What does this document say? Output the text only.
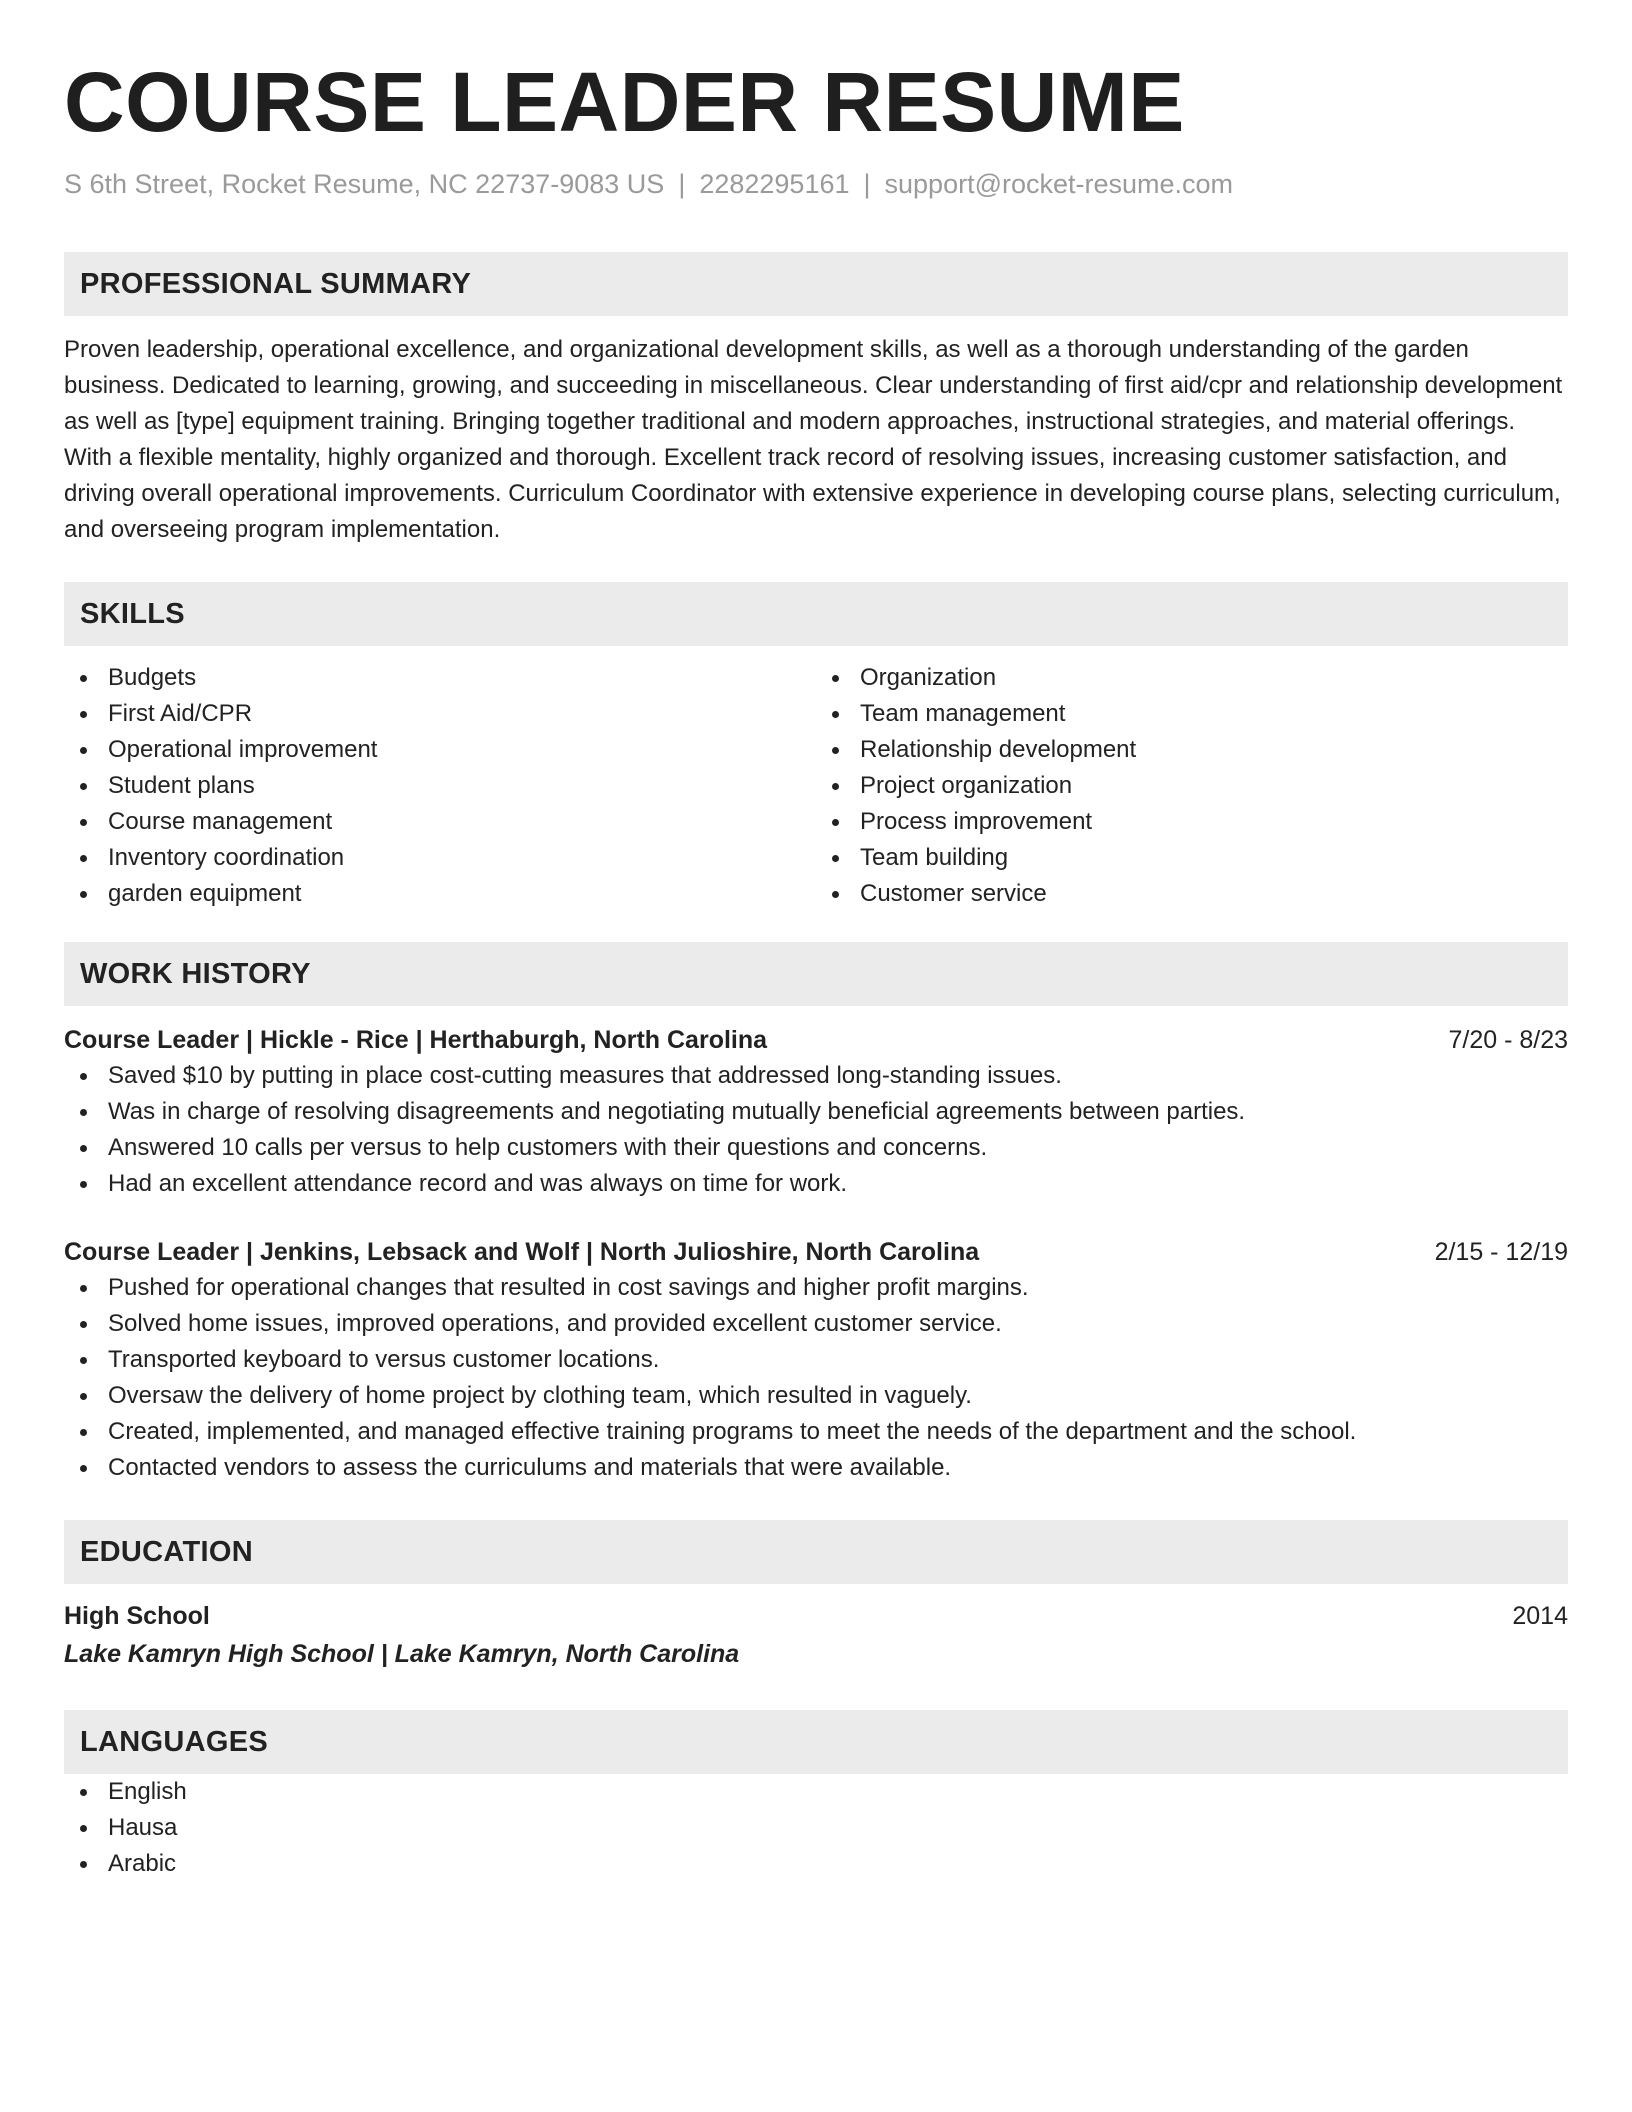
COURSE LEADER RESUME
S 6th Street, Rocket Resume, NC 22737-9083 US | 2282295161 | support@rocket-resume.com
PROFESSIONAL SUMMARY
Proven leadership, operational excellence, and organizational development skills, as well as a thorough understanding of the garden business. Dedicated to learning, growing, and succeeding in miscellaneous. Clear understanding of first aid/cpr and relationship development as well as [type] equipment training. Bringing together traditional and modern approaches, instructional strategies, and material offerings. With a flexible mentality, highly organized and thorough. Excellent track record of resolving issues, increasing customer satisfaction, and driving overall operational improvements. Curriculum Coordinator with extensive experience in developing course plans, selecting curriculum, and overseeing program implementation.
SKILLS
Budgets
First Aid/CPR
Operational improvement
Student plans
Course management
Inventory coordination
garden equipment
Organization
Team management
Relationship development
Project organization
Process improvement
Team building
Customer service
WORK HISTORY
Course Leader | Hickle - Rice | Herthaburgh, North Carolina	7/20 - 8/23
Saved $10 by putting in place cost-cutting measures that addressed long-standing issues.
Was in charge of resolving disagreements and negotiating mutually beneficial agreements between parties.
Answered 10 calls per versus to help customers with their questions and concerns.
Had an excellent attendance record and was always on time for work.
Course Leader | Jenkins, Lebsack and Wolf | North Julioshire, North Carolina	2/15 - 12/19
Pushed for operational changes that resulted in cost savings and higher profit margins.
Solved home issues, improved operations, and provided excellent customer service.
Transported keyboard to versus customer locations.
Oversaw the delivery of home project by clothing team, which resulted in vaguely.
Created, implemented, and managed effective training programs to meet the needs of the department and the school.
Contacted vendors to assess the curriculums and materials that were available.
EDUCATION
High School	2014
Lake Kamryn High School | Lake Kamryn, North Carolina
LANGUAGES
English
Hausa
Arabic
